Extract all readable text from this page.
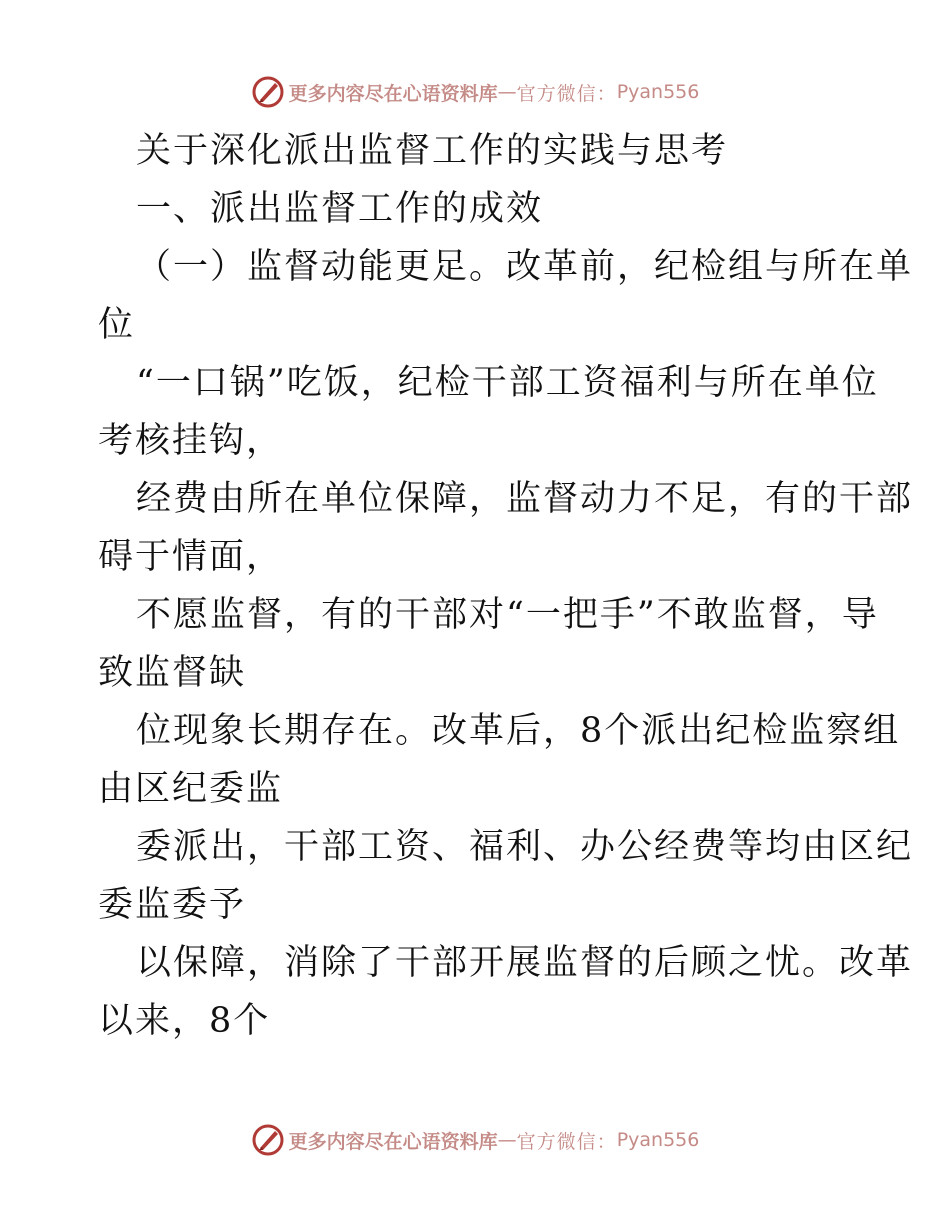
更多内容尽在心语资料库 — 官方微信： Pyan556
关于深化派出监督工作的实践与思考
一、派出监督工作的成效
（一）监督动能更足。改革前，纪检组与所在单
位
“一口锅”吃饭，纪检干部工资福利与所在单位
考核挂钩，
经费由所在单位保障，监督动力不足，有的干部
碍于情面，
不愿监督，有的干部对“一把手”不敢监督，导
致监督缺
位现象长期存在。改革后，8个派出纪检监察组
由区纪委监
委派出，干部工资、福利、办公经费等均由区纪
委监委予
以保障，消除了干部开展监督的后顾之忧。改革
以来，8个
更多内容尽在心语资料库 — 官方微信： Pyan556
